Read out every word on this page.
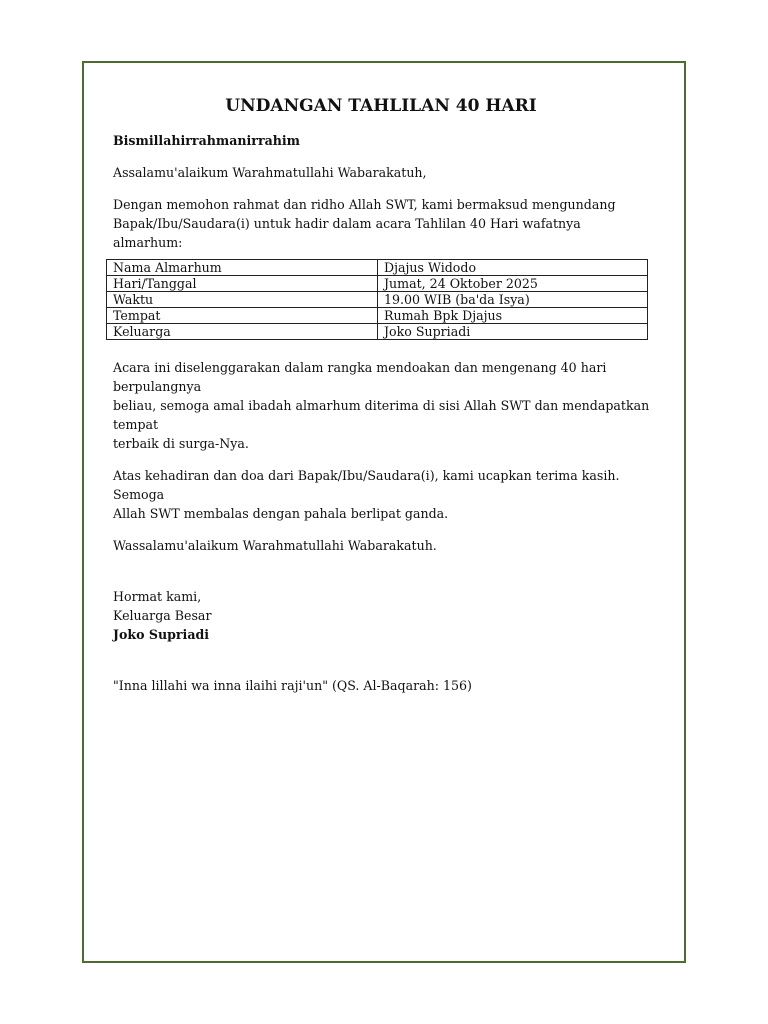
UNDANGAN TAHLILAN 40 HARI
Bismillahirrahmanirrahim
Assalamu'alaikum Warahmatullahi Wabarakatuh,
Dengan memohon rahmat dan ridho Allah SWT, kami bermaksud mengundang
Bapak/Ibu/Saudara(i) untuk hadir dalam acara Tahlilan 40 Hari wafatnya almarhum:
Nama Almarhum	Djajus Widodo
Hari/Tanggal	Jumat, 24 Oktober 2025
Waktu	19.00 WIB (ba'da Isya)
Tempat	Rumah Bpk Djajus
Keluarga	Joko Supriadi
Acara ini diselenggarakan dalam rangka mendoakan dan mengenang 40 hari berpulangnya
beliau, semoga amal ibadah almarhum diterima di sisi Allah SWT dan mendapatkan tempat
terbaik di surga-Nya.
Atas kehadiran dan doa dari Bapak/Ibu/Saudara(i), kami ucapkan terima kasih. Semoga
Allah SWT membalas dengan pahala berlipat ganda.
Wassalamu'alaikum Warahmatullahi Wabarakatuh.
Hormat kami,
Keluarga Besar
Joko Supriadi
"Inna lillahi wa inna ilaihi raji'un" (QS. Al-Baqarah: 156)
